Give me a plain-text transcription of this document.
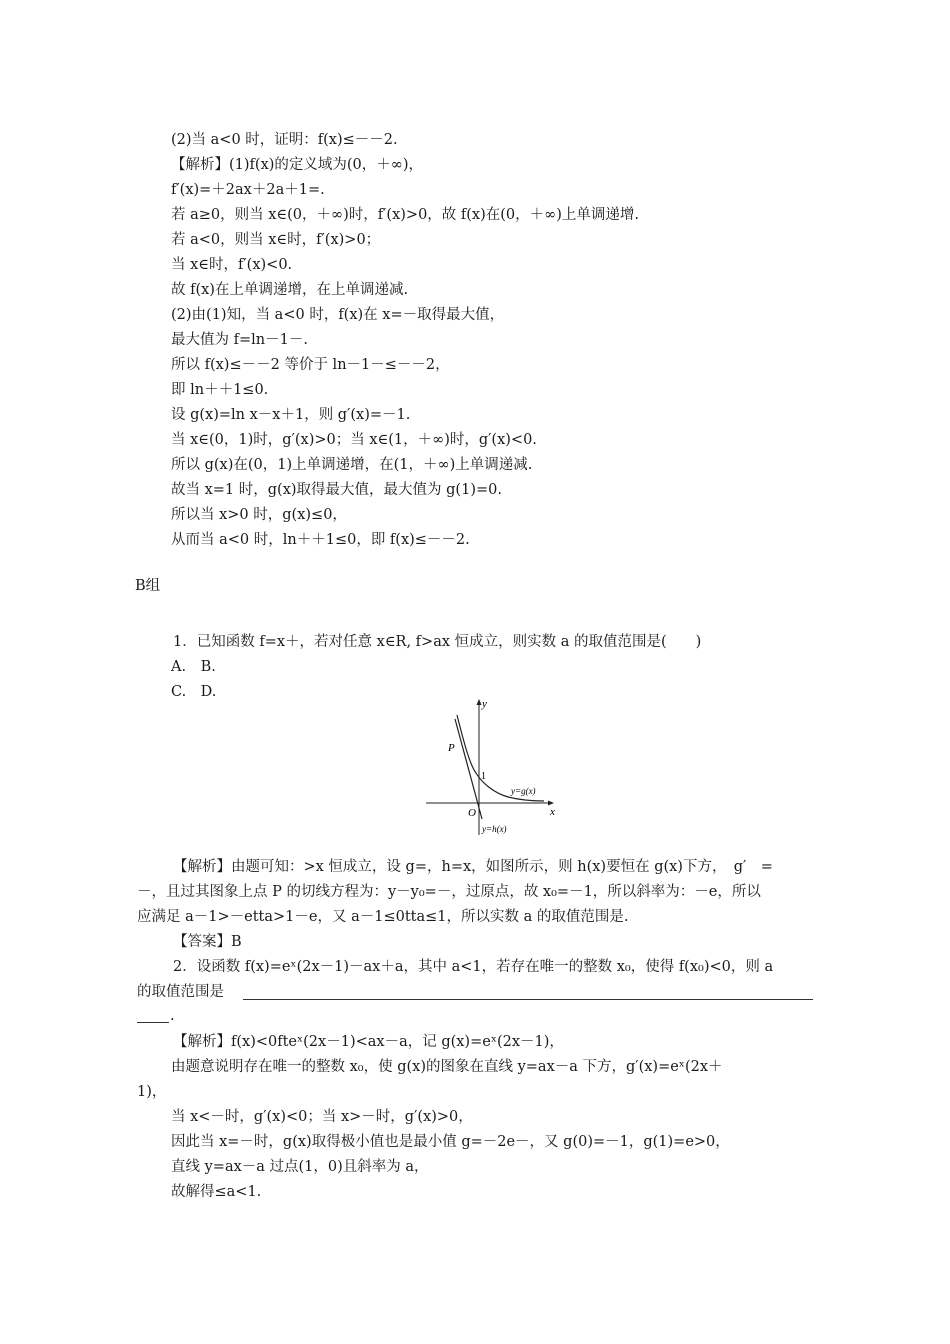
(2)当 a<0 时，证明：f(x)≤－－2.
【解析】(1)f(x)的定义域为(0，＋∞)，
f′(x)=＋2ax＋2a＋1=.
若 a≥0，则当 x∈(0，＋∞)时，f′(x)>0，故 f(x)在(0，＋∞)上单调递增.
若 a<0，则当 x∈时，f′(x)>0；
当 x∈时，f′(x)<0.
故 f(x)在上单调递增，在上单调递减.
(2)由(1)知，当 a<0 时，f(x)在 x=－取得最大值，
最大值为 f=ln－1－.
所以 f(x)≤－－2 等价于 ln－1－≤－－2，
即 ln＋＋1≤0.
设 g(x)=ln x－x＋1，则 g′(x)=－1.
当 x∈(0，1)时，g′(x)>0；当 x∈(1，＋∞)时，g′(x)<0.
所以 g(x)在(0，1)上单调递增，在(1，＋∞)上单调递减.
故当 x=1 时，g(x)取得最大值，最大值为 g(1)=0.
所以当 x>0 时，g(x)≤0，
从而当 a<0 时，ln＋＋1≤0，即 f(x)≤－－2.
B组
1．已知函数 f=x＋，若对任意 x∈R, f>ax 恒成立，则实数 a 的取值范围是(　　)
A.　B.
C.　D.
y
x
O
P
1
y=g(x)
y=h(x)
【解析】由题可知：>x 恒成立，设 g=，h=x，如图所示，则 h(x)要恒在 g(x)下方，　g′　=
－，且过其图象上点 P 的切线方程为：y－y₀=－，过原点，故 x₀=－1，所以斜率为：－e，所以
应满足 a－1>－etta>1－e，又 a－1≤0tta≤1，所以实数 a 的取值范围是.
【答案】B
2．设函数 f(x)=eˣ(2x－1)－ax＋a，其中 a<1，若存在唯一的整数 x₀，使得 f(x₀)<0，则 a
的取值范围是
.
【解析】f(x)<0fteˣ(2x－1)<ax－a，记 g(x)=eˣ(2x－1)，
由题意说明存在唯一的整数 x₀，使 g(x)的图象在直线 y=ax－a 下方，g′(x)=eˣ(2x＋
1)，
当 x<－时，g′(x)<0；当 x>－时，g′(x)>0，
因此当 x=－时，g(x)取得极小值也是最小值 g=－2e－，又 g(0)=－1，g(1)=e>0，
直线 y=ax－a 过点(1，0)且斜率为 a，
故解得≤a<1.
